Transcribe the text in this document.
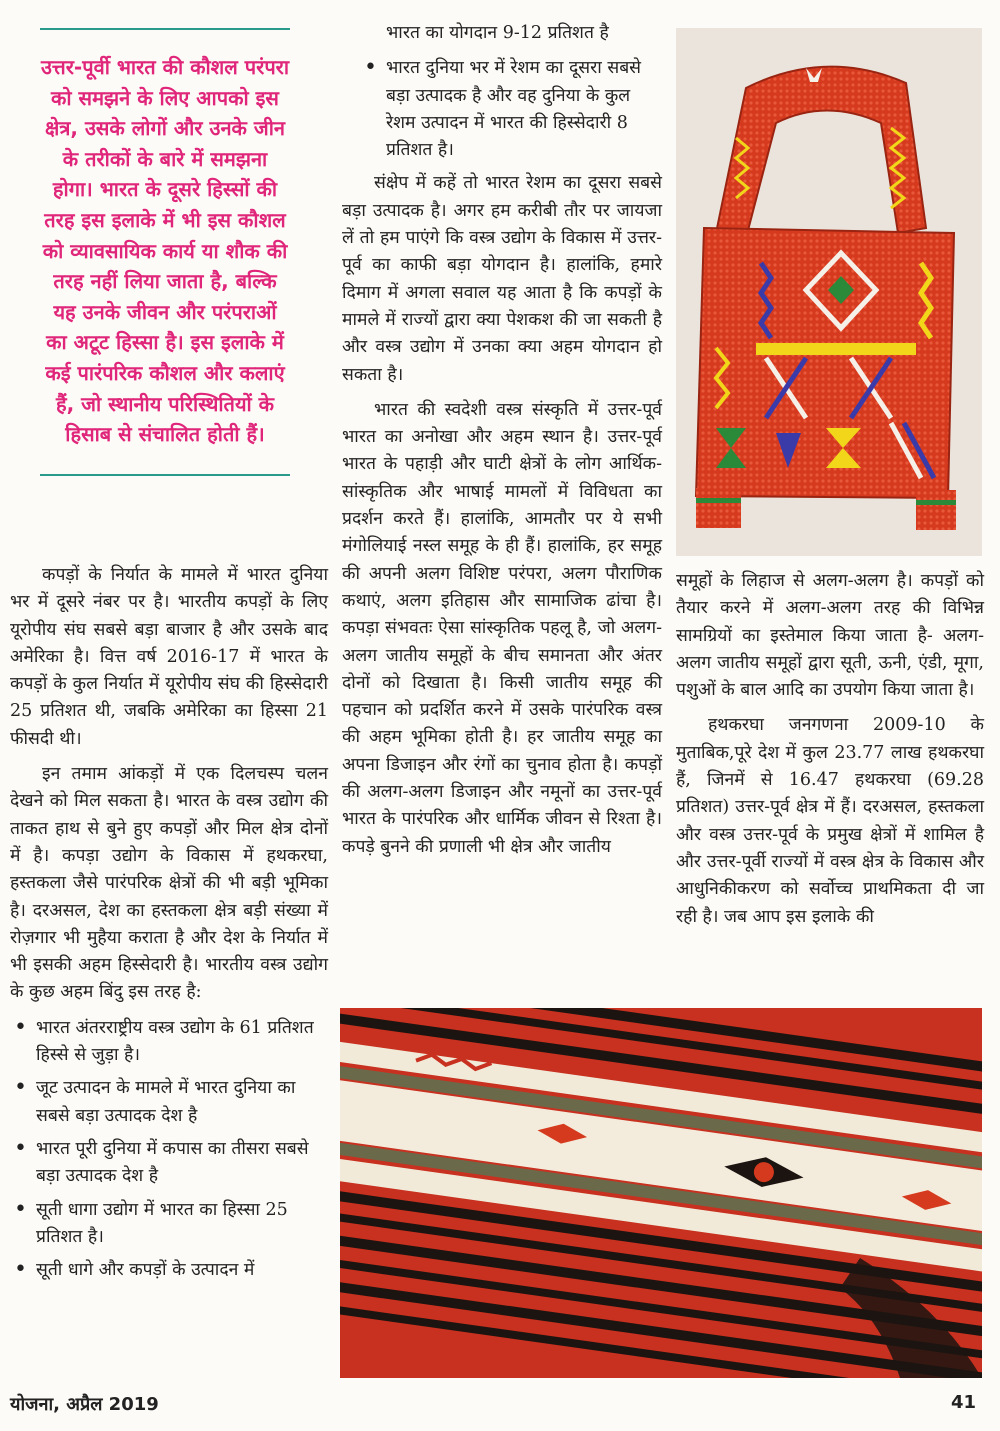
उत्तर-पूर्वी भारत की कौशल परंपरा को समझने के लिए आपको इस क्षेत्र, उसके लोगों और उनके जीन के तरीकों के बारे में समझना होगा। भारत के दूसरे हिस्सों की तरह इस इलाके में भी इस कौशल को व्यावसायिक कार्य या शौक की तरह नहीं लिया जाता है, बल्कि यह उनके जीवन और परंपराओं का अटूट हिस्सा है। इस इलाके में कई पारंपरिक कौशल और कलाएं हैं, जो स्थानीय परिस्थितियों के हिसाब से संचालित होती हैं।

कपड़ों के निर्यात के मामले में भारत दुनिया भर में दूसरे नंबर पर है। भारतीय कपड़ों के लिए यूरोपीय संघ सबसे बड़ा बाजार है और उसके बाद अमेरिका है। वित्त वर्ष 2016-17 में भारत के कपड़ों के कुल निर्यात में यूरोपीय संघ की हिस्सेदारी 25 प्रतिशत थी, जबकि अमेरिका का हिस्सा 21 फीसदी थी।

इन तमाम आंकड़ों में एक दिलचस्प चलन देखने को मिल सकता है। भारत के वस्त्र उद्योग की ताकत हाथ से बुने हुए कपड़ों और मिल क्षेत्र दोनों में है। कपड़ा उद्योग के विकास में हथकरघा, हस्तकला जैसे पारंपरिक क्षेत्रों की भी बड़ी भूमिका है। दरअसल, देश का हस्तकला क्षेत्र बड़ी संख्या में रोज़गार भी मुहैया कराता है और देश के निर्यात में भी इसकी अहम हिस्सेदारी है। भारतीय वस्त्र उद्योग के कुछ अहम बिंदु इस तरह है:

• भारत अंतरराष्ट्रीय वस्त्र उद्योग के 61 प्रतिशत हिस्से से जुड़ा है।
• जूट उत्पादन के मामले में भारत दुनिया का सबसे बड़ा उत्पादक देश है
• भारत पूरी दुनिया में कपास का तीसरा सबसे बड़ा उत्पादक देश है
• सूती धागा उद्योग में भारत का हिस्सा 25 प्रतिशत है।
• सूती धागे और कपड़ों के उत्पादन में

भारत का योगदान 9-12 प्रतिशत है

• भारत दुनिया भर में रेशम का दूसरा सबसे बड़ा उत्पादक है और वह दुनिया के कुल रेशम उत्पादन में भारत की हिस्सेदारी 8 प्रतिशत है।

संक्षेप में कहें तो भारत रेशम का दूसरा सबसे बड़ा उत्पादक है। अगर हम करीबी तौर पर जायजा लें तो हम पाएंगे कि वस्त्र उद्योग के विकास में उत्तर-पूर्व का काफी बड़ा योगदान है। हालांकि, हमारे दिमाग में अगला सवाल यह आता है कि कपड़ों के मामले में राज्यों द्वारा क्या पेशकश की जा सकती है और वस्त्र उद्योग में उनका क्या अहम योगदान हो सकता है।

भारत की स्वदेशी वस्त्र संस्कृति में उत्तर-पूर्व भारत का अनोखा और अहम स्थान है। उत्तर-पूर्व भारत के पहाड़ी और घाटी क्षेत्रों के लोग आर्थिक-सांस्कृतिक और भाषाई मामलों में विविधता का प्रदर्शन करते हैं। हालांकि, आमतौर पर ये सभी मंगोलियाई नस्ल समूह के ही हैं। हालांकि, हर समूह की अपनी अलग विशिष्ट परंपरा, अलग पौराणिक कथाएं, अलग इतिहास और सामाजिक ढांचा है। कपड़ा संभवतः ऐसा सांस्कृतिक पहलू है, जो अलग-अलग जातीय समूहों के बीच समानता और अंतर दोनों को दिखाता है। किसी जातीय समूह की पहचान को प्रदर्शित करने में उसके पारंपरिक वस्त्र की अहम भूमिका होती है। हर जातीय समूह का अपना डिजाइन और रंगों का चुनाव होता है। कपड़ों की अलग-अलग डिजाइन और नमूनों का उत्तर-पूर्व भारत के पारंपरिक और धार्मिक जीवन से रिश्ता है। कपड़े बुनने की प्रणाली भी क्षेत्र और जातीय

समूहों के लिहाज से अलग-अलग है। कपड़ों को तैयार करने में अलग-अलग तरह की विभिन्न सामग्रियों का इस्तेमाल किया जाता है- अलग-अलग जातीय समूहों द्वारा सूती, ऊनी, एंडी, मूगा, पशुओं के बाल आदि का उपयोग किया जाता है।

हथकरघा जनगणना 2009-10 के मुताबिक,पूरे देश में कुल 23.77 लाख हथकरघा हैं, जिनमें से 16.47 हथकरघा (69.28 प्रतिशत) उत्तर-पूर्व क्षेत्र में हैं। दरअसल, हस्तकला और वस्त्र उत्तर-पूर्व के प्रमुख क्षेत्रों में शामिल है और उत्तर-पूर्वी राज्यों में वस्त्र क्षेत्र के विकास और आधुनिकीकरण को सर्वोच्च प्राथमिकता दी जा रही है। जब आप इस इलाके की

योजना, अप्रैल 2019	41
